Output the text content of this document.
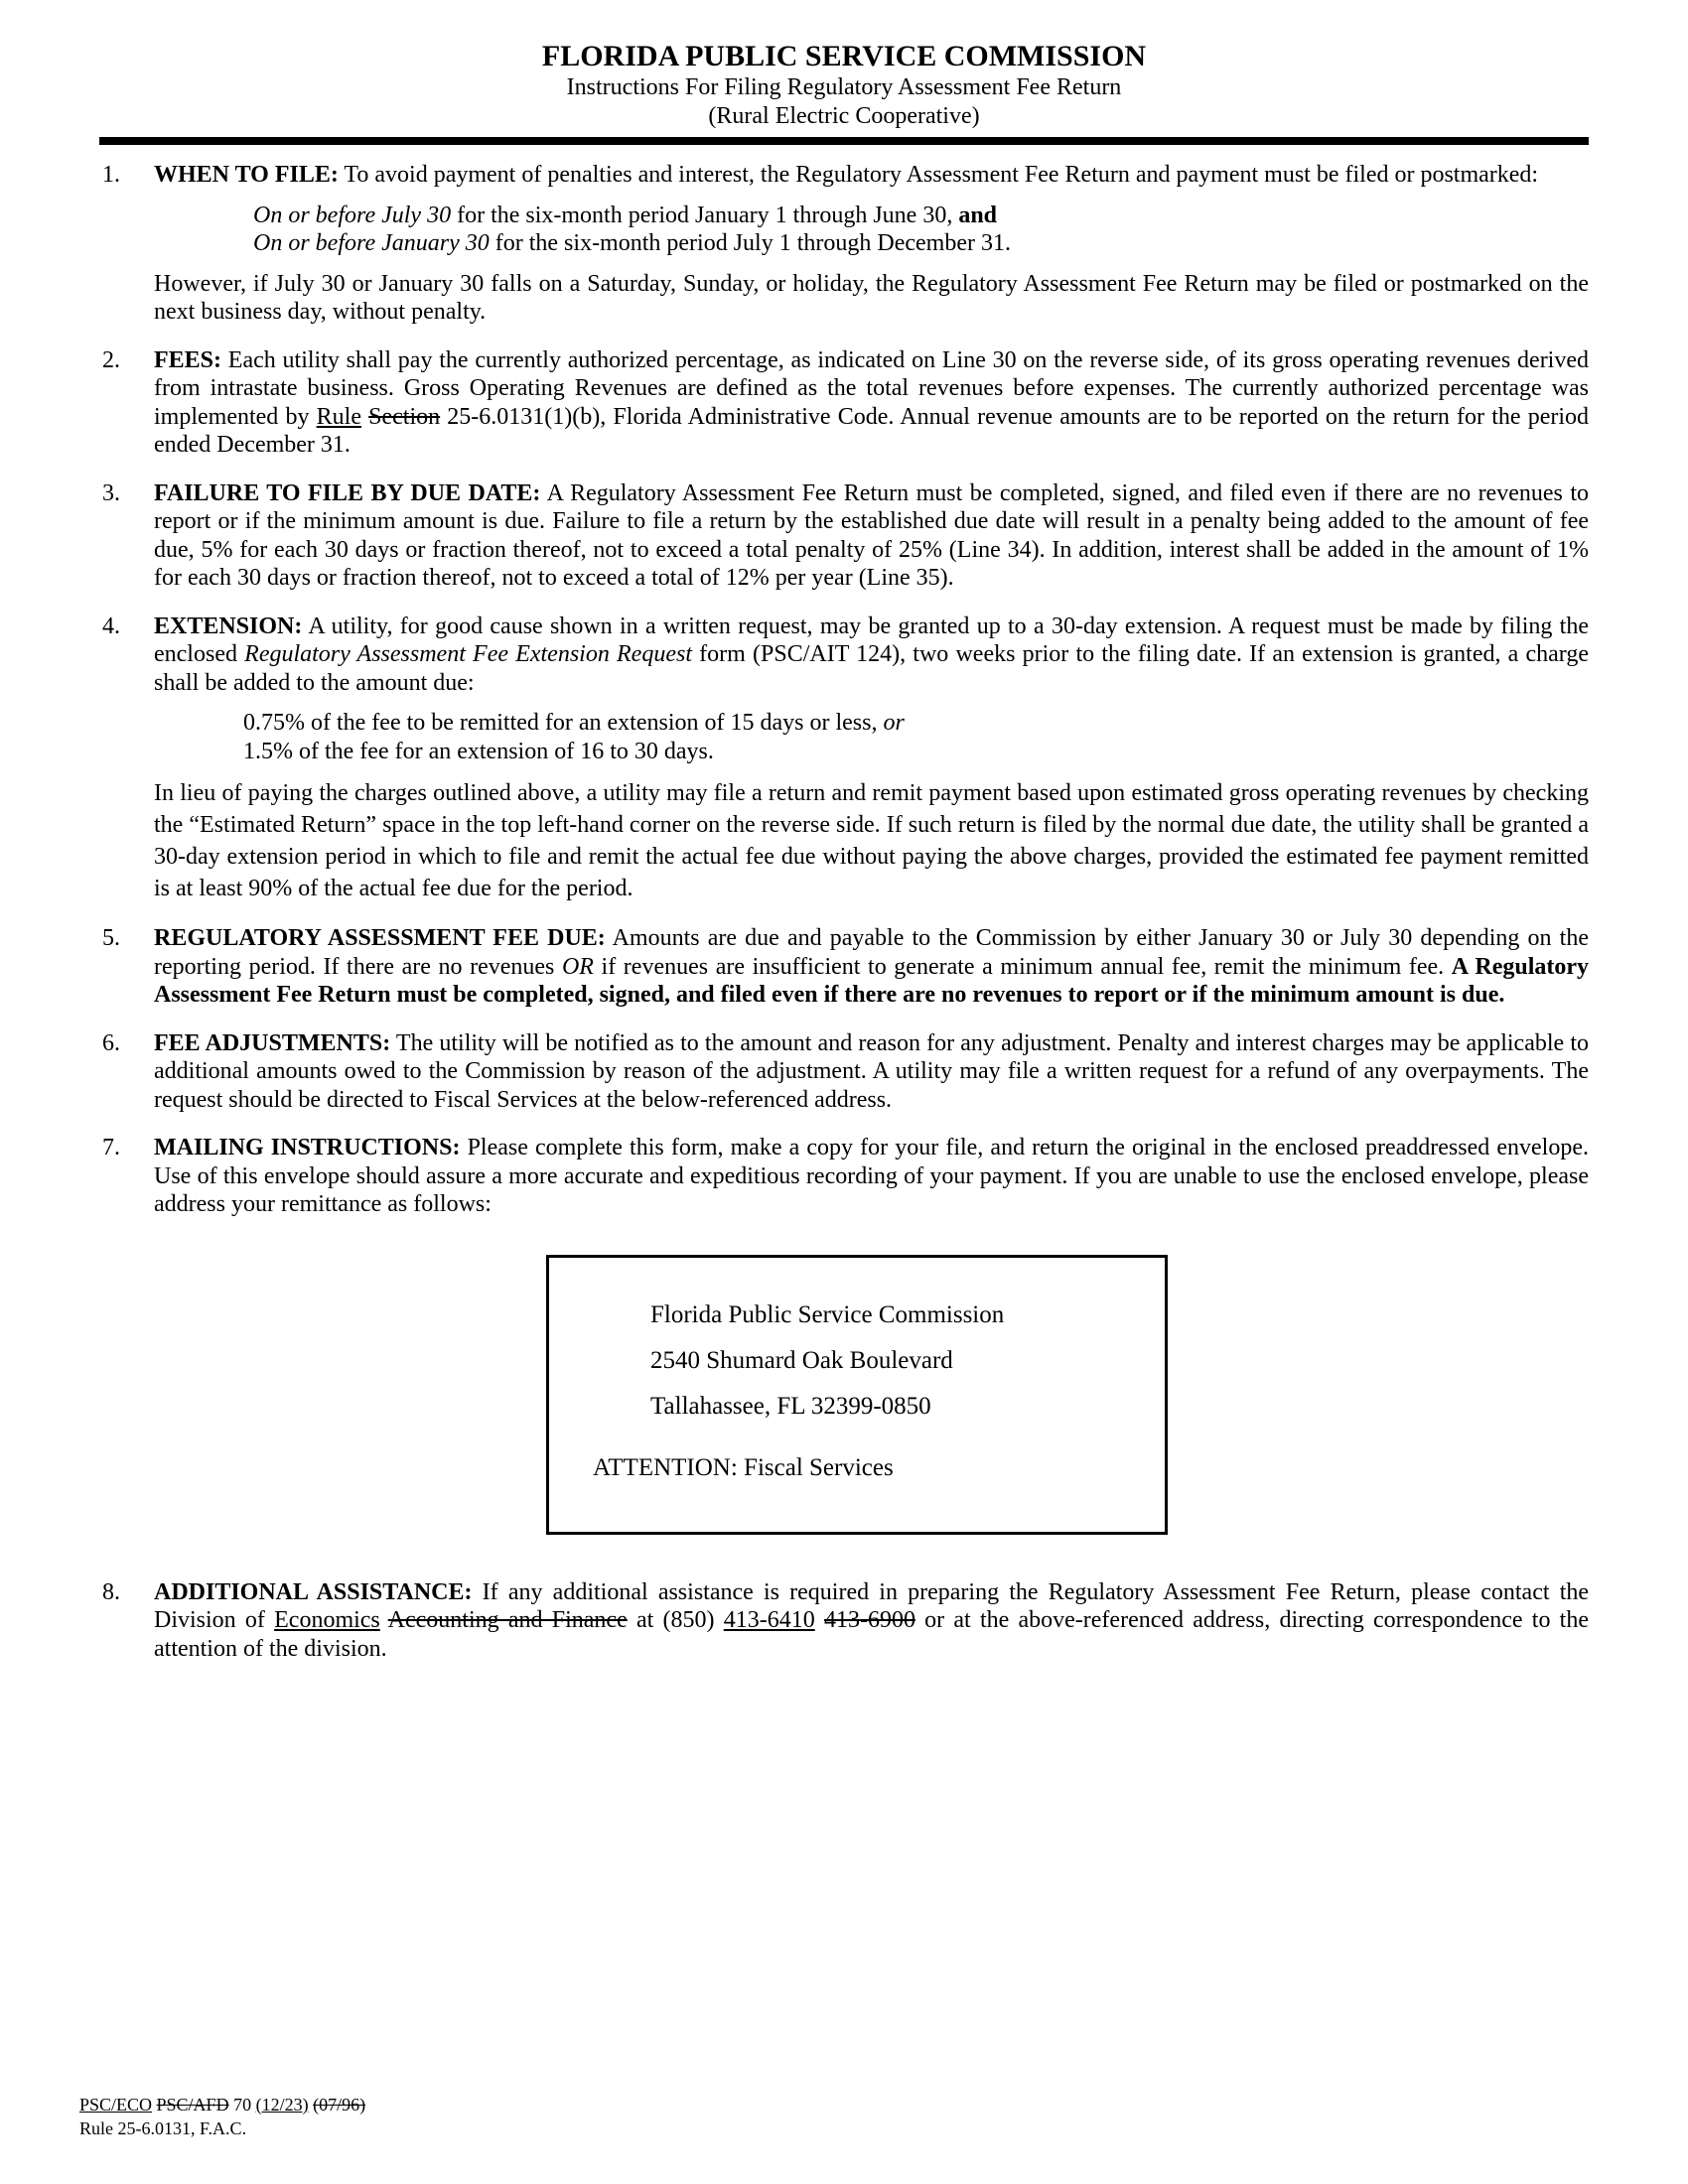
FLORIDA PUBLIC SERVICE COMMISSION

Instructions For Filing Regulatory Assessment Fee Return

(Rural Electric Cooperative)

1.	WHEN TO FILE: To avoid payment of penalties and interest, the Regulatory Assessment Fee Return and payment must be filed or postmarked:

On or before July 30 for the six-month period January 1 through June 30, and
On or before January 30 for the six-month period July 1 through December 31.

However, if July 30 or January 30 falls on a Saturday, Sunday, or holiday, the Regulatory Assessment Fee Return may be filed or postmarked on the next business day, without penalty.

2.	FEES: Each utility shall pay the currently authorized percentage, as indicated on Line 30 on the reverse side, of its gross operating revenues derived from intrastate business. Gross Operating Revenues are defined as the total revenues before expenses. The currently authorized percentage was implemented by Rule Section 25-6.0131(1)(b), Florida Administrative Code. Annual revenue amounts are to be reported on the return for the period ended December 31.

3.	FAILURE TO FILE BY DUE DATE: A Regulatory Assessment Fee Return must be completed, signed, and filed even if there are no revenues to report or if the minimum amount is due. Failure to file a return by the established due date will result in a penalty being added to the amount of fee due, 5% for each 30 days or fraction thereof, not to exceed a total penalty of 25% (Line 34). In addition, interest shall be added in the amount of 1% for each 30 days or fraction thereof, not to exceed a total of 12% per year (Line 35).

4.	EXTENSION: A utility, for good cause shown in a written request, may be granted up to a 30-day extension. A request must be made by filing the enclosed Regulatory Assessment Fee Extension Request form (PSC/AIT 124), two weeks prior to the filing date. If an extension is granted, a charge shall be added to the amount due:

0.75% of the fee to be remitted for an extension of 15 days or less, or
1.5% of the fee for an extension of 16 to 30 days.

In lieu of paying the charges outlined above, a utility may file a return and remit payment based upon estimated gross operating revenues by checking the “Estimated Return” space in the top left-hand corner on the reverse side. If such return is filed by the normal due date, the utility shall be granted a 30-day extension period in which to file and remit the actual fee due without paying the above charges, provided the estimated fee payment remitted is at least 90% of the actual fee due for the period.

5.	REGULATORY ASSESSMENT FEE DUE: Amounts are due and payable to the Commission by either January 30 or July 30 depending on the reporting period. If there are no revenues OR if revenues are insufficient to generate a minimum annual fee, remit the minimum fee. A Regulatory Assessment Fee Return must be completed, signed, and filed even if there are no revenues to report or if the minimum amount is due.

6.	FEE ADJUSTMENTS: The utility will be notified as to the amount and reason for any adjustment. Penalty and interest charges may be applicable to additional amounts owed to the Commission by reason of the adjustment. A utility may file a written request for a refund of any overpayments. The request should be directed to Fiscal Services at the below-referenced address.

7.	MAILING INSTRUCTIONS: Please complete this form, make a copy for your file, and return the original in the enclosed preaddressed envelope. Use of this envelope should assure a more accurate and expeditious recording of your payment. If you are unable to use the enclosed envelope, please address your remittance as follows:

Florida Public Service Commission
2540 Shumard Oak Boulevard
Tallahassee, FL 32399-0850
ATTENTION: Fiscal Services
8.	ADDITIONAL ASSISTANCE: If any additional assistance is required in preparing the Regulatory Assessment Fee Return, please contact the Division of Economics Accounting and Finance at (850) 413-6410 413-6900 or at the above-referenced address, directing correspondence to the attention of the division.

PSC/ECO PSC/AFD 70 (12/23) (07/96)

Rule 25-6.0131, F.A.C.
